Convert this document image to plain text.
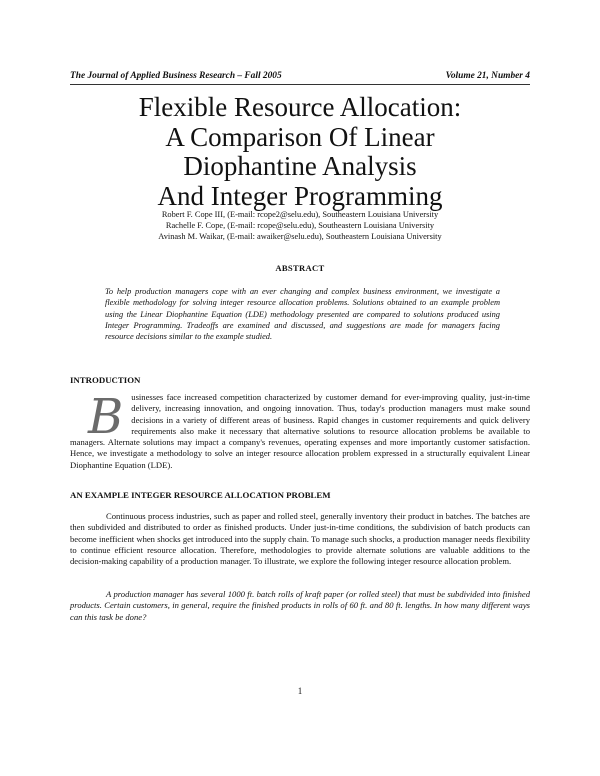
The Journal of Applied Business Research – Fall 2005	Volume 21, Number 4
Flexible Resource Allocation:
A Comparison Of Linear
Diophantine Analysis
And Integer Programming
Robert F. Cope III, (E-mail: rcope2@selu.edu), Southeastern Louisiana University
Rachelle F. Cope, (E-mail: rcope@selu.edu), Southeastern Louisiana University
Avinash M. Waikar, (E-mail: awaiker@selu.edu), Southeastern Louisiana University
ABSTRACT
To help production managers cope with an ever changing and complex business environment, we investigate a flexible methodology for solving integer resource allocation problems. Solutions obtained to an example problem using the Linear Diophantine Equation (LDE) methodology presented are compared to solutions produced using Integer Programming. Tradeoffs are examined and discussed, and suggestions are made for managers facing resource decisions similar to the example studied.
INTRODUCTION
B usinesses face increased competition characterized by customer demand for ever-improving quality, just-in-time delivery, increasing innovation, and ongoing innovation. Thus, today's production managers must make sound decisions in a variety of different areas of business. Rapid changes in customer requirements and quick delivery requirements also make it necessary that alternative solutions to resource allocation problems be available to managers. Alternate solutions may impact a company's revenues, operating expenses and more importantly customer satisfaction. Hence, we investigate a methodology to solve an integer resource allocation problem expressed in a structurally equivalent Linear Diophantine Equation (LDE).
AN EXAMPLE INTEGER RESOURCE ALLOCATION PROBLEM
Continuous process industries, such as paper and rolled steel, generally inventory their product in batches. The batches are then subdivided and distributed to order as finished products. Under just-in-time conditions, the subdivision of batch products can become inefficient when shocks get introduced into the supply chain. To manage such shocks, a production manager needs flexibility to continue efficient resource allocation. Therefore, methodologies to provide alternate solutions are valuable additions to the decision-making capability of a production manager. To illustrate, we explore the following integer resource allocation problem.
A production manager has several 1000 ft. batch rolls of kraft paper (or rolled steel) that must be subdivided into finished products. Certain customers, in general, require the finished products in rolls of 60 ft. and 80 ft. lengths. In how many different ways can this task be done?
1
